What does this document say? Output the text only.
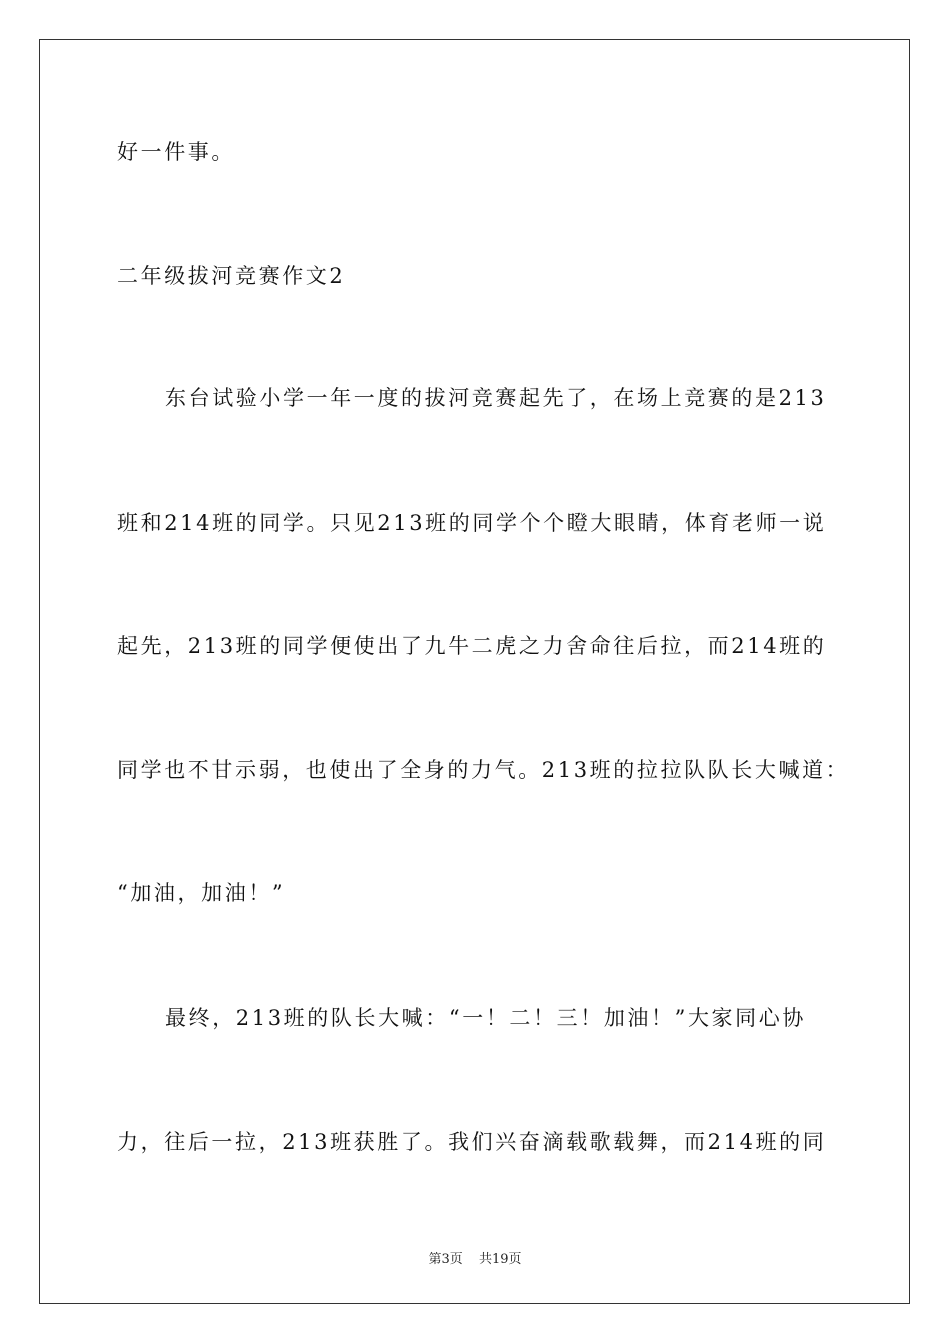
好一件事。
二年级拔河竞赛作文2
东台试验小学一年一度的拔河竞赛起先了，在场上竞赛的是213
班和214班的同学。只见213班的同学个个瞪大眼睛，体育老师一说
起先，213班的同学便使出了九牛二虎之力舍命往后拉，而214班的
同学也不甘示弱，也使出了全身的力气。213班的拉拉队队长大喊道：
“加油，加油！”
最终，213班的队长大喊：“一！二！三！加油！”大家同心协
力，往后一拉，213班获胜了。我们兴奋滴载歌载舞，而214班的同
第3页 共19页
